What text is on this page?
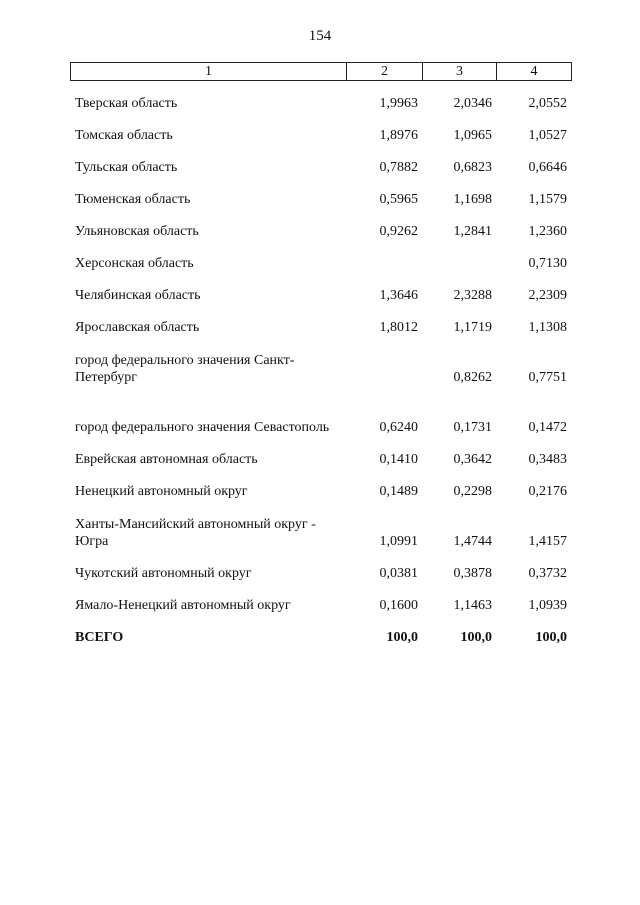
154
1	2	3	4
Тверская область	1,9963	2,0346	2,0552
Томская область	1,8976	1,0965	1,0527
Тульская область	0,7882	0,6823	0,6646
Тюменская область	0,5965	1,1698	1,1579
Ульяновская область	0,9262	1,2841	1,2360
Херсонская область			0,7130
Челябинская область	1,3646	2,3288	2,2309
Ярославская область	1,8012	1,1719	1,1308
город федерального значения Санкт-Петербург		0,8262	0,7751
город федерального значения Севастополь	0,6240	0,1731	0,1472
Еврейская автономная область	0,1410	0,3642	0,3483
Ненецкий автономный округ	0,1489	0,2298	0,2176
Ханты-Мансийский автономный округ - Югра	1,0991	1,4744	1,4157
Чукотский автономный округ	0,0381	0,3878	0,3732
Ямало-Ненецкий автономный округ	0,1600	1,1463	1,0939
ВСЕГО	100,0	100,0	100,0
